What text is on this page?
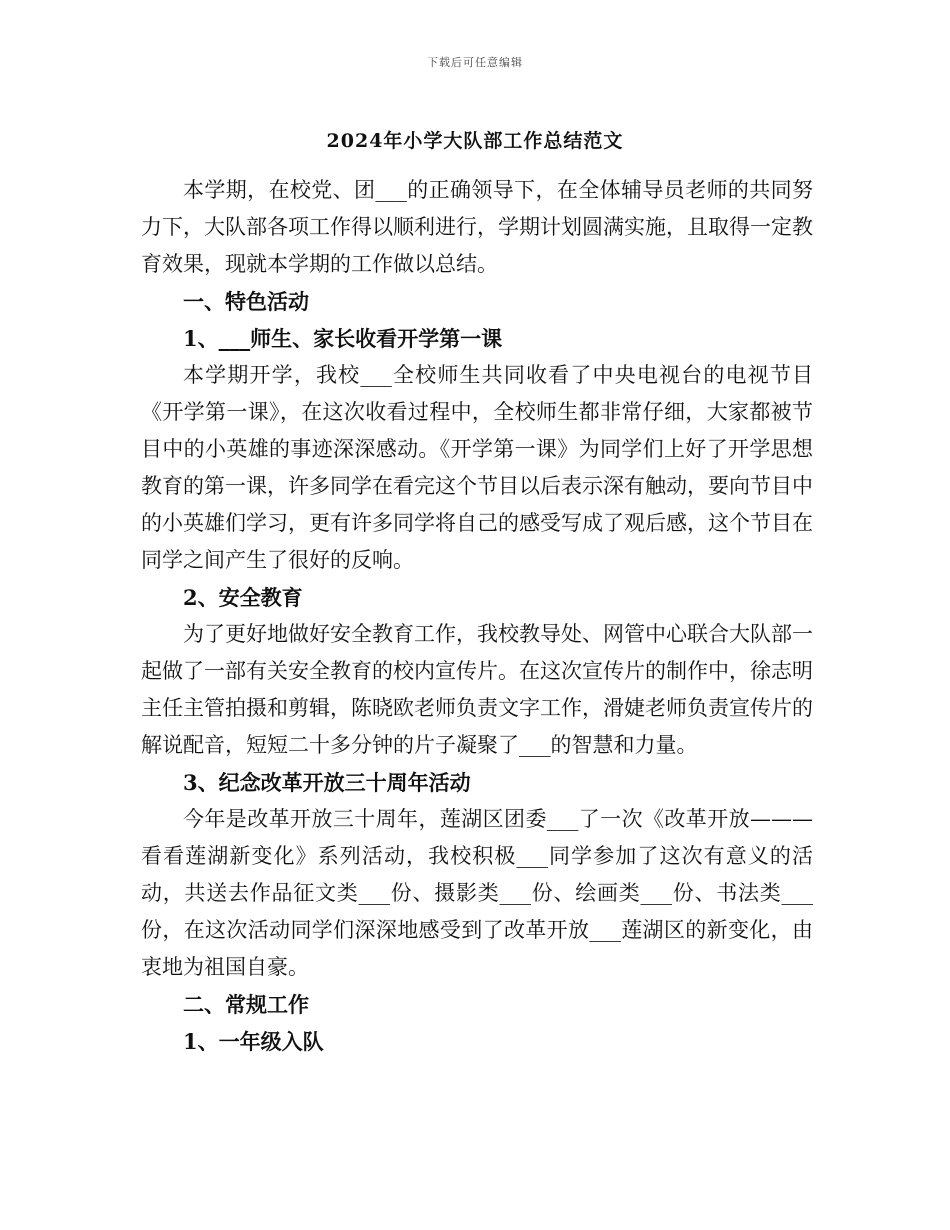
下载后可任意编辑
2024年小学大队部工作总结范文

本学期，在校党、团___的正确领导下，在全体辅导员老师的共同努力下，大队部各项工作得以顺利进行，学期计划圆满实施，且取得一定教育效果，现就本学期的工作做以总结。

一、特色活动

1、___师生、家长收看开学第一课

本学期开学，我校___全校师生共同收看了中央电视台的电视节目《开学第一课》，在这次收看过程中，全校师生都非常仔细，大家都被节目中的小英雄的事迹深深感动。《开学第一课》为同学们上好了开学思想教育的第一课，许多同学在看完这个节目以后表示深有触动，要向节目中的小英雄们学习，更有许多同学将自己的感受写成了观后感，这个节目在同学之间产生了很好的反响。

2、安全教育

为了更好地做好安全教育工作，我校教导处、网管中心联合大队部一起做了一部有关安全教育的校内宣传片。在这次宣传片的制作中，徐志明主任主管拍摄和剪辑，陈晓欧老师负责文字工作，滑婕老师负责宣传片的解说配音，短短二十多分钟的片子凝聚了___的智慧和力量。

3、纪念改革开放三十周年活动

今年是改革开放三十周年，莲湖区团委___了一次《改革开放———看看莲湖新变化》系列活动，我校积极___同学参加了这次有意义的活动，共送去作品征文类___份、摄影类___份、绘画类___份、书法类___份，在这次活动同学们深深地感受到了改革开放___莲湖区的新变化，由衷地为祖国自豪。

二、常规工作

1、一年级入队
